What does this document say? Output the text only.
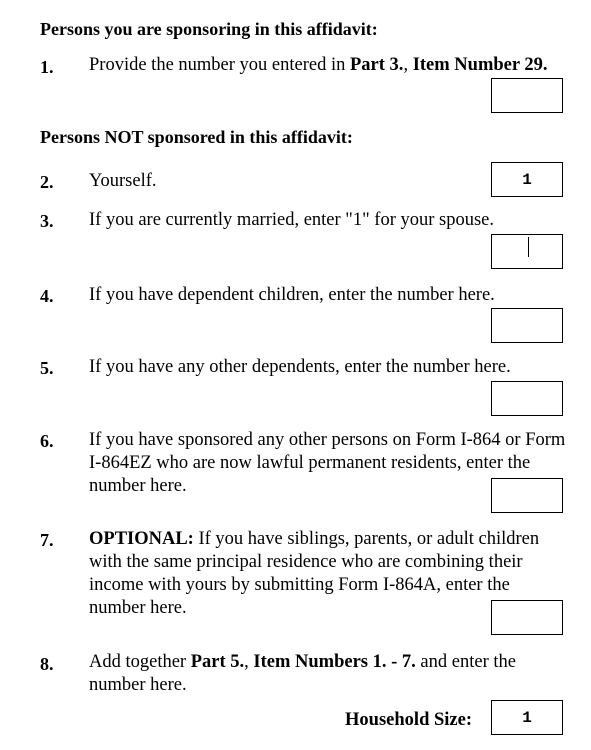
Persons you are sponsoring in this affidavit:
1. Provide the number you entered in Part 3., Item Number 29.
Persons NOT sponsored in this affidavit:
2. Yourself.
1
3. If you are currently married, enter "1" for your spouse.
4. If you have dependent children, enter the number here.
5. If you have any other dependents, enter the number here.
6. If you have sponsored any other persons on Form I-864 or Form I-864EZ who are now lawful permanent residents, enter the number here.
7. OPTIONAL: If you have siblings, parents, or adult children with the same principal residence who are combining their income with yours by submitting Form I-864A, enter the number here.
8. Add together Part 5., Item Numbers 1. - 7. and enter the number here.
Household Size:
1
